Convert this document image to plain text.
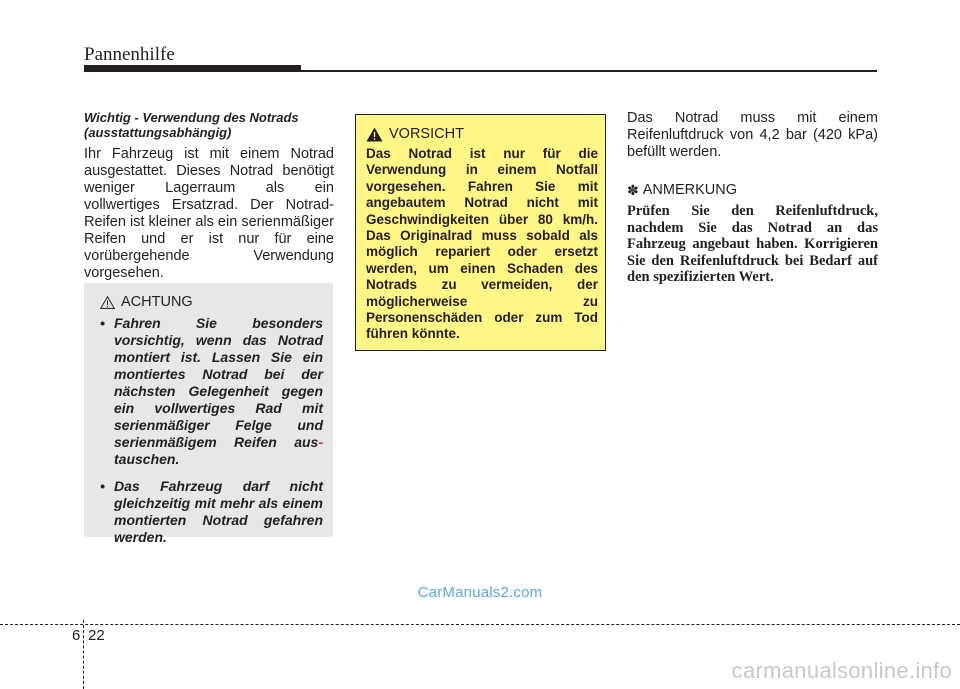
Pannenhilfe

Wichtig - Verwendung des Notrads
(ausstattungsabhängig)

Ihr Fahrzeug ist mit einem Notrad ausgestattet. Dieses Notrad benötigt weniger Lagerraum als ein vollwertiges Ersatzrad. Der Notrad-Reifen ist kleiner als ein serienmäßiger Reifen und er ist nur für eine vorübergehende Verwendung vorgesehen.

ACHTUNG
• Fahren Sie besonders vorsichtig, wenn das Notrad montiert ist. Lassen Sie ein montiertes Notrad bei der nächsten Gelegenheit gegen ein vollwertiges Rad mit serienmäßiger Felge und serienmäßigem Reifen aus- tauschen.
• Das Fahrzeug darf nicht gleichzeitig mit mehr als einem montierten Notrad gefahren werden.
VORSICHT

Das Notrad ist nur für die Verwendung in einem Notfall vorgesehen. Fahren Sie mit angebautem Notrad nicht mit Geschwindigkeiten über 80 km/h. Das Originalrad muss sobald als möglich repariert oder ersetzt werden, um einen Schaden des Notrads zu vermeiden, der möglicherweise zu Personenschäden oder zum Tod führen könnte.

Das Notrad muss mit einem Reifenluftdruck von 4,2 bar (420 kPa) befüllt werden.

✽ ANMERKUNG

Prüfen Sie den Reifenluftdruck, nachdem Sie das Notrad an das Fahrzeug angebaut haben. Korrigieren Sie den Reifenluftdruck bei Bedarf auf den spezifizierten Wert.

CarManuals2.com
6 22
carmanualsonline.info
